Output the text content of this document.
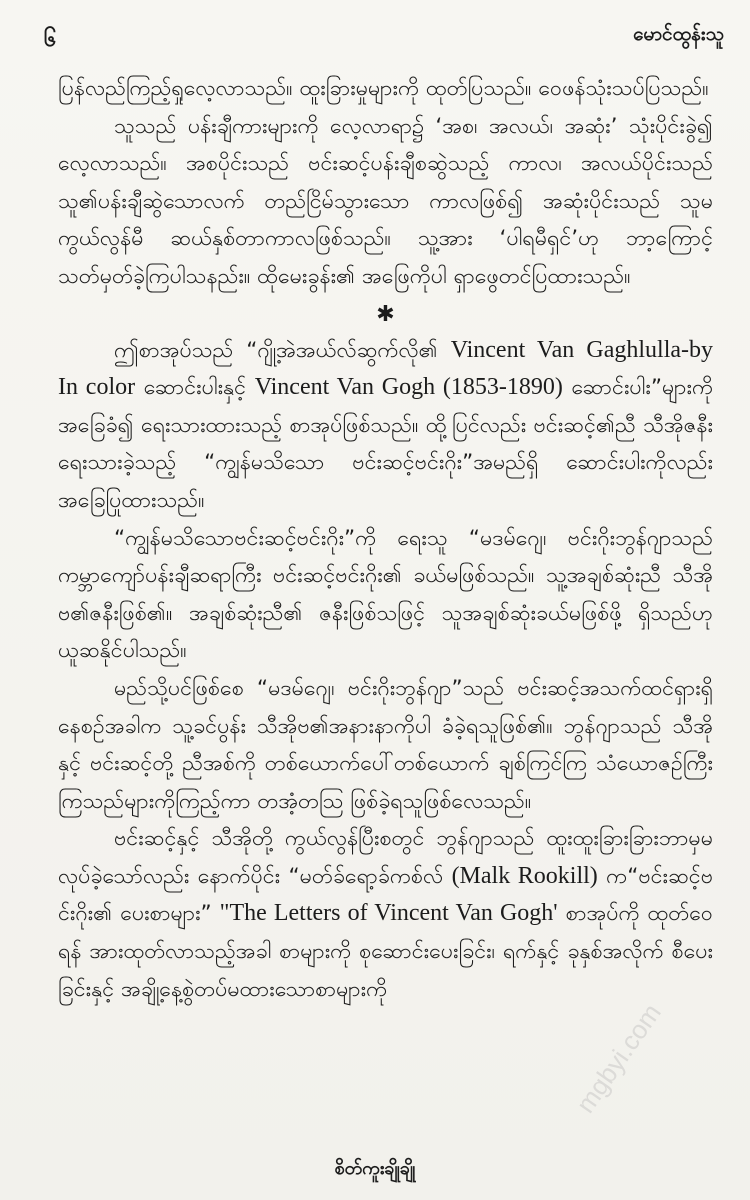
၆	မောင်ထွန်းသူ

ပြန်လည်ကြည့်ရှုလေ့လာသည်။ ထူးခြားမှုများကို ထုတ်ပြသည်။ ဝေဖန်သုံးသပ်ပြသည်။

သူသည် ပန်းချီကားများကို လေ့လာရာ၌ ‘အစ၊ အလယ်၊ အဆုံး’ သုံးပိုင်းခွဲ၍ လေ့လာသည်။ အစပိုင်းသည် ဗင်းဆင့်ပန်းချီစဆွဲသည့် ကာလ၊ အလယ်ပိုင်းသည် သူ၏ပန်းချီဆွဲသောလက် တည်ငြိမ်သွားသော ကာလဖြစ်၍ အဆုံးပိုင်းသည် သူမကွယ်လွန်မီ ဆယ်နှစ်တာကာလဖြစ်သည်။ သူ့အား ‘ပါရမီရှင်’ဟု ဘာ့ကြောင့် သတ်မှတ်ခဲ့ကြပါသနည်း။ ထိုမေးခွန်း၏ အဖြေကိုပါ ရှာဖွေတင်ပြထားသည်။

✱

ဤစာအုပ်သည် “ဂျို့အဲအယ်လ်ဆွက်လို၏ Vincent Van Gaghlulla-by In color ဆောင်းပါးနှင့် Vincent Van Gogh (1853-1890) ဆောင်းပါး”များကို အခြေခံ၍ ရေးသားထားသည့် စာအုပ်ဖြစ်သည်။ ထို့ပြင်လည်း ဗင်းဆင့်၏ညီ သီအိုဇနီးရေးသားခဲ့သည့် “ကျွန်မသိသော ဗင်းဆင့်ဗင်းဂိုး”အမည်ရှိ ဆောင်းပါးကိုလည်း အခြေပြုထားသည်။

“ကျွန်မသိသောဗင်းဆင့်ဗင်းဂိုး”ကို ရေးသူ “မဒမ်ဂျေ၊ ဗင်းဂိုးဘွန်ဂျာသည် ကမ္ဘာကျော်ပန်းချီဆရာကြီး ဗင်းဆင့်ဗင်းဂိုး၏ ခယ်မဖြစ်သည်။ သူ့အချစ်ဆုံးညီ သီအိုဗ၏ဇနီးဖြစ်၏။ အချစ်ဆုံးညီ၏ ဇနီးဖြစ်သဖြင့် သူအချစ်ဆုံးခယ်မဖြစ်ဖို့ ရှိသည်ဟု ယူဆနိုင်ပါသည်။

မည်သို့ပင်ဖြစ်စေ “မဒမ်ဂျေ၊ ဗင်းဂိုးဘွန်ဂျာ”သည် ဗင်းဆင့်အသက်ထင်ရှားရှိနေစဉ်အခါက သူ့ခင်ပွန်း သီအိုဗ၏အနားနာကိုပါ ခံခဲ့ရသူဖြစ်၏။ ဘွန်ဂျာသည် သီအိုနှင့် ဗင်းဆင့်တို့ ညီအစ်ကို တစ်ယောက်ပေါ်တစ်ယောက် ချစ်ကြင်ကြ သံယောဇဉ်ကြီးကြသည်များကိုကြည့်ကာ တအံ့တသြ ဖြစ်ခဲ့ရသူဖြစ်လေသည်။

ဗင်းဆင့်နှင့် သီအိုတို့ ကွယ်လွန်ပြီးစတွင် ဘွန်ဂျာသည် ထူးထူးခြားခြားဘာမှမလုပ်ခဲ့သော်လည်း နောက်ပိုင်း “မတ်ခ်ရော့ခ်ကစ်လ် (Malk Rookill) က“ဗင်းဆင့်ဗင်းဂိုး၏ ပေးစာများ” "The Letters of Vincent Van Gogh' စာအုပ်ကို ထုတ်ဝေရန် အားထုတ်လာသည့်အခါ စာများကို စုဆောင်းပေးခြင်း၊ ရက်နှင့် ခုနှစ်အလိုက် စီပေးခြင်းနှင့် အချို့နေ့စွဲတပ်မထားသောစာများကို

စိတ်ကူးချိုချို
mgbyi.com
